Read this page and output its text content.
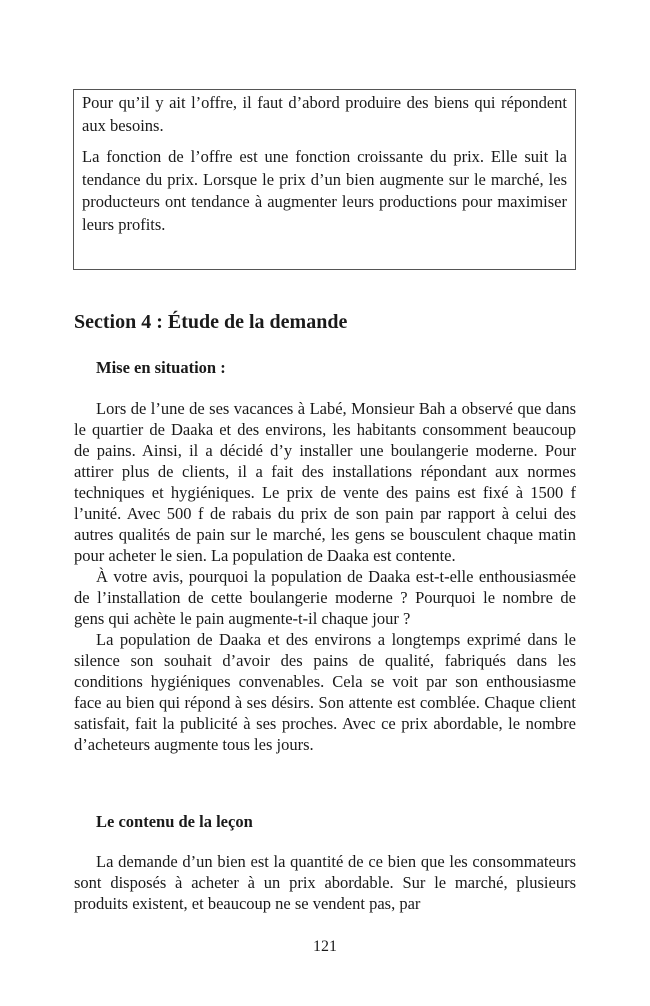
Pour qu’il y ait l’offre, il faut d’abord produire des biens qui répondent aux besoins.

La fonction de l’offre est une fonction croissante du prix. Elle suit la tendance du prix. Lorsque le prix d’un bien augmente sur le marché, les producteurs ont tendance à augmenter leurs productions pour maximiser leurs profits.

Section 4 : Étude de la demande
Mise en situation :

Lors de l’une de ses vacances à Labé, Monsieur Bah a observé que dans le quartier de Daaka et des environs, les habitants consomment beaucoup de pains. Ainsi, il a décidé d’y installer une boulangerie moderne. Pour attirer plus de clients, il a fait des installations répondant aux normes techniques et hygiéniques. Le prix de vente des pains est fixé à 1500 f l’unité. Avec 500 f de rabais du prix de son pain par rapport à celui des autres qualités de pain sur le marché, les gens se bousculent chaque matin pour acheter le sien. La population de Daaka est contente.

À votre avis, pourquoi la population de Daaka est-t-elle enthousiasmée de l’installation de cette boulangerie moderne ? Pourquoi le nombre de gens qui achète le pain augmente-t-il chaque jour ?

La population de Daaka et des environs a longtemps exprimé dans le silence son souhait d’avoir des pains de qualité, fabriqués dans les conditions hygiéniques convenables. Cela se voit par son enthousiasme face au bien qui répond à ses désirs. Son attente est comblée. Chaque client satisfait, fait la publicité à ses proches. Avec ce prix abordable, le nombre d’acheteurs augmente tous les jours.

Le contenu de la leçon

La demande d’un bien est la quantité de ce bien que les consommateurs sont disposés à acheter à un prix abordable. Sur le marché, plusieurs produits existent, et beaucoup ne se vendent pas, par

121
